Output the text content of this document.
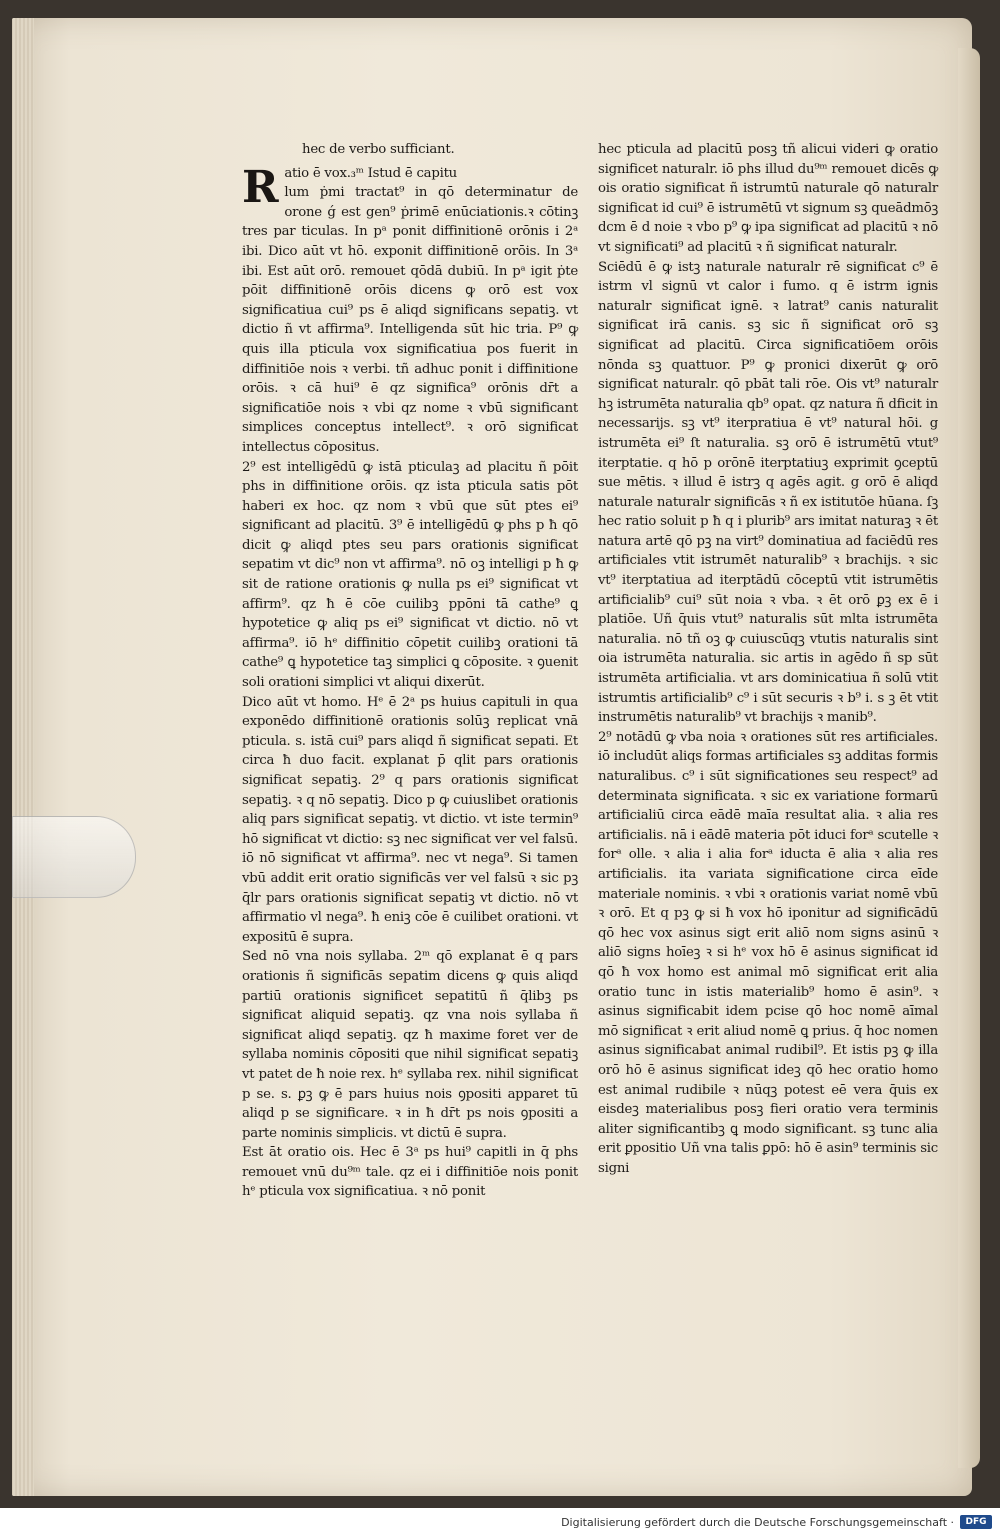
hec de verbo sufficiant.

R atio ē vox.₃ᵐ Istud ē capitu
lum ṗmi tractat⁹ in qō determinatur de orone ǵ est gen⁹ ṗrimē enūciationis.ꝛ cōtinꝫ tres par ticulas. In pᵃ ponit diffinitionē orōnis i 2ᵃ ibi. Dico aūt vt hō. exponit diffinitionē orōis. In 3ᵃ ibi. Est aūt orō. remouet qōdā dubiū. In pᵃ igit ṗte pōit diffinitionē orōis dicens ꝙ orō est vox significatiua cui⁹ ps ē aliqd significans sepatiꝫ. vt dictio ñ vt affirma⁹. Intelligenda sūt hic tria. P⁹ ꝙ quis illa pticula vox significatiua pos fuerit in diffinitiōe nois ꝛ verbi. tñ adhuc ponit i diffinitione orōis. ꝛ cā hui⁹ ē qz significa⁹ orōnis dr̄t a significatiōe nois ꝛ vbi qz nome ꝛ vbū significant simplices conceptus intellect⁹. ꝛ orō significat intellectus cōpositus.

2⁹ est intelligēdū ꝙ istā pticulaꝫ ad placitu ñ pōit phs in diffinitione orōis. qz ista pticula satis pōt haberi ex hoc. qz nom ꝛ vbū que sūt ptes ei⁹ significant ad placitū. 3⁹ ē intelligēdū ꝙ phs p ħ qō dicit ꝙ aliqd ptes seu pars orationis significat sepatim vt dic⁹ non vt affirma⁹. nō oꝫ intelligi p ħ ꝙ sit de ratione orationis ꝙ nulla ps ei⁹ significat vt affirm⁹. qz ħ ē cōe cuilibꝫ ppōni tā cathe⁹ ꝗ hypotetice ꝙ aliq ps ei⁹ significat vt dictio. nō vt affirma⁹. iō hᵉ diffinitio cōpetit cuilibꝫ orationi tā cathe⁹ ꝗ hypotetice taꝫ simplici ꝗ cōposite. ꝛ ꝯuenit soli orationi simplici vt aliqui dixerūt.

Dico aūt vt homo. Hᵉ ē 2ᵃ ps huius capituli in qua exponēdo diffinitionē orationis solūꝫ replicat vnā pticula. s. istā cui⁹ pars aliqd ñ significat sepati. Et circa ħ duo facit. explanat p̄ qlit pars orationis significat sepatiꝫ. 2⁹ q pars orationis significat sepatiꝫ. ꝛ q nō sepatiꝫ. Dico p ꝙ cuiuslibet orationis aliq pars significat sepatiꝫ. vt dictio. vt iste termin⁹ hō significat vt dictio: sꝫ nec significat ver vel falsū. iō nō significat vt affirma⁹. nec vt nega⁹. Si tamen vbū addit erit oratio significās ver vel falsū ꝛ sic pꝫ q̄lr pars orationis significat sepatiꝫ vt dictio. nō vt affirmatio vl nega⁹. ħ eniꝫ cōe ē cuilibet orationi. vt expositū ē supra.

Sed nō vna nois syllaba. 2ᵐ qō explanat ē q pars orationis ñ significās sepatim dicens ꝙ quis aliqd partiū orationis significet sepatitū ñ q̄libꝫ ps significat aliquid sepatiꝫ. qz vna nois syllaba ñ significat aliqd sepatiꝫ. qz ħ maxime foret ver de syllaba nominis cōpositi que nihil significat sepatiꝫ vt patet de ħ noie rex. hᵉ syllaba rex. nihil significat p se. s. ꝑꝫ ꝙ ē pars huius nois ꝯpositi apparet tū aliqd p se significare. ꝛ in ħ dr̄t ps nois ꝯpositi a parte nominis simplicis. vt dictū ē supra.

Est āt oratio ois. Hec ē 3ᵃ ps hui⁹ capitli in q̄ phs remouet vnū du⁹ᵐ tale. qz ei i diffinitiōe nois ponit hᵉ pticula vox significatiua. ꝛ nō ponit

hec pticula ad placitū posꝫ tñ alicui videri ꝙ oratio significet naturalr. iō phs illud du⁹ᵐ remouet dicēs ꝙ ois oratio significat ñ istrumtū naturale qō naturalr significat id cui⁹ ē istrumētū vt signum sꝫ queādmōꝫ dcm ē d noie ꝛ vbo p⁹ ꝙ ipa significat ad placitū ꝛ nō vt significati⁹ ad placitū ꝛ ñ significat naturalr.

Sciēdū ē ꝙ istꝫ naturale naturalr rē significat c⁹ ē istrm vl signū vt calor i fumo. q ē istrm ignis naturalr significat ignē. ꝛ latrat⁹ canis naturalit significat irā canis. sꝫ sic ñ significat orō sꝫ significat ad placitū. Circa significatiōem orōis nōnda sꝫ quattuor. P⁹ ꝙ pronici dixerūt ꝙ orō significat naturalr. qō pbāt tali rōe. Ois vt⁹ naturalr hꝫ istrumēta naturalia qb⁹ opat. qz natura ñ dficit in necessarijs. sꝫ vt⁹ iterpratiua ē vt⁹ natural hōi. g istrumēta ei⁹ ſt naturalia. sꝫ orō ē istrumētū vtut⁹ iterptatie. q hō p orōnē iterptatiuꝫ exprimit ꝯceptū sue mētis. ꝛ illud ē istrꝫ q agēs agit. g orō ē aliqd naturale naturalr significās ꝛ ñ ex istitutōe hūana. ſꝫ hec ratio soluit p ħ q i plurib⁹ ars imitat naturaꝫ ꝛ ēt natura artē qō pꝫ na virt⁹ dominatiua ad faciēdū res artificiales vtit istrumēt naturalib⁹ ꝛ brachijs. ꝛ sic vt⁹ iterptatiua ad iterptādū cōceptū vtit istrumētis artificialib⁹ cui⁹ sūt noia ꝛ vba. ꝛ ēt orō ꝑꝫ ex ē i platiōe. Uñ q̄uis vtut⁹ naturalis sūt mlta istrumēta naturalia. nō tñ oꝫ ꝙ cuiuscūqꝫ vtutis naturalis sint oia istrumēta naturalia. sic artis in agēdo ñ sp sūt istrumēta artificialia. vt ars dominicatiua ñ solū vtit istrumtis artificialib⁹ c⁹ i sūt securis ꝛ b⁹ i. s ꝫ ēt vtit instrumētis naturalib⁹ vt brachijs ꝛ manib⁹.

2⁹ notādū ꝙ vba noia ꝛ orationes sūt res artificiales. iō includūt aliqs formas artificiales sꝫ additas formis naturalibus. c⁹ i sūt significationes seu respect⁹ ad determinata significata. ꝛ sic ex variatione formarū artificialiū circa eādē maīa resultat alia. ꝛ alia res artificialis. nā i eādē materia pōt iduci forᵃ scutelle ꝛ forᵃ olle. ꝛ alia i alia forᵃ iducta ē alia ꝛ alia res artificialis. ita variata significatione circa eīde materiale nominis. ꝛ vbi ꝛ orationis variat nomē vbū ꝛ orō. Et q pꝫ ꝙ si ħ vox hō iponitur ad significādū qō hec vox asinus sigt erit aliō nom signs asinū ꝛ aliō signs hoīeꝫ ꝛ si hᵉ vox hō ē asinus significat id qō ħ vox homo est animal mō significat erit alia oratio tunc in istis materialib⁹ homo ē asin⁹. ꝛ asinus significabit idem pcise qō hoc nomē aīmal mō significat ꝛ erit aliud nomē ꝗ prius. q̄ hoc nomen asinus significabat animal rudibil⁹. Et istis pꝫ ꝙ illa orō hō ē asinus significat ideꝫ qō hec oratio homo est animal rudibile ꝛ nūqꝫ potest eē vera q̄uis ex eisdeꝫ materialibus posꝫ fieri oratio vera terminis aliter significantibꝫ ꝗ modo significant. sꝫ tunc alia erit ꝑpositio Uñ vna talis ꝑpō: hō ē asin⁹ terminis sic signi

Digitalisierung gefördert durch die Deutsche Forschungsgemeinschaft ·	DFG
